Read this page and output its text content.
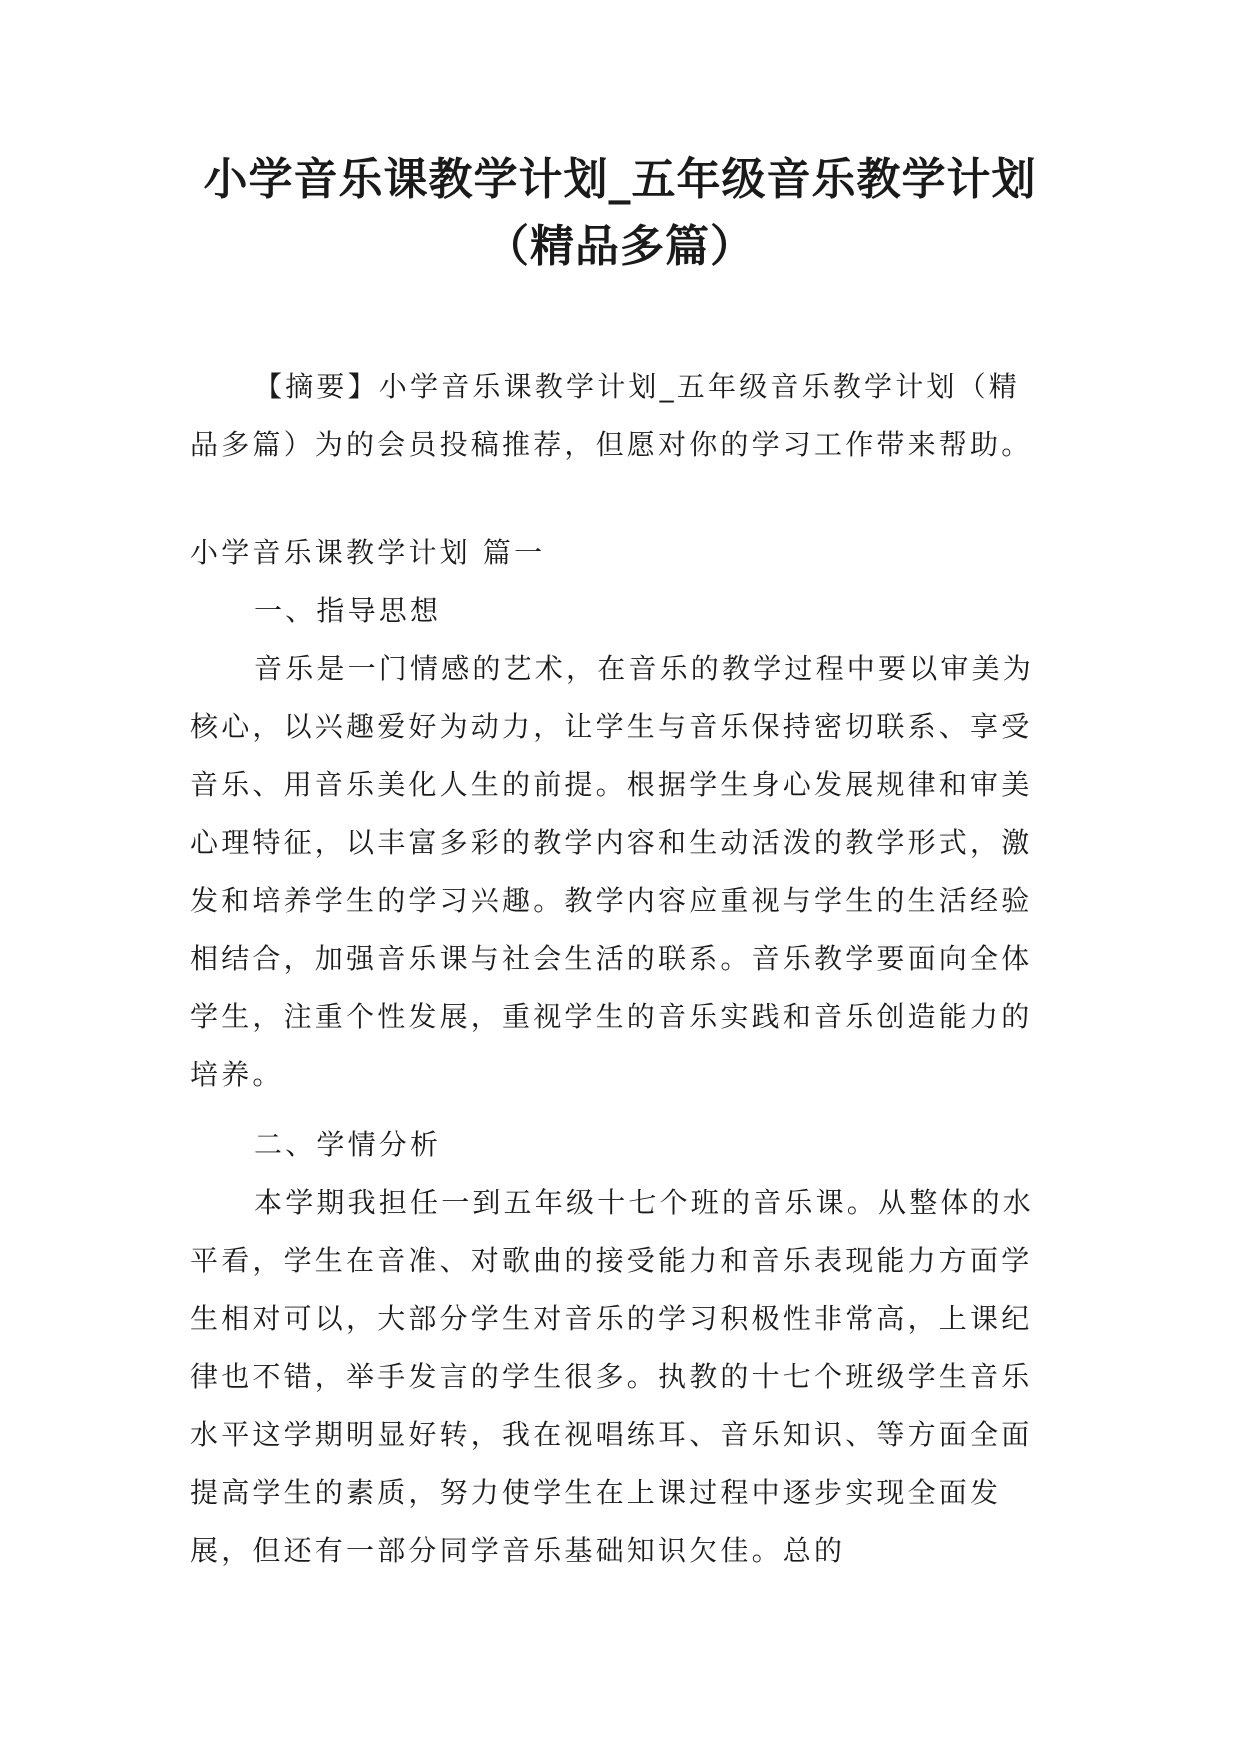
小学音乐课教学计划_五年级音乐教学计划
（精品多篇）

【摘要】小学音乐课教学计划_五年级音乐教学计划（精品多篇）为的会员投稿推荐，但愿对你的学习工作带来帮助。

小学音乐课教学计划 篇一

一、指导思想

音乐是一门情感的艺术，在音乐的教学过程中要以审美为核心，以兴趣爱好为动力，让学生与音乐保持密切联系、享受音乐、用音乐美化人生的前提。根据学生身心发展规律和审美心理特征，以丰富多彩的教学内容和生动活泼的教学形式，激发和培养学生的学习兴趣。教学内容应重视与学生的生活经验相结合，加强音乐课与社会生活的联系。音乐教学要面向全体学生，注重个性发展，重视学生的音乐实践和音乐创造能力的培养。

二、学情分析

本学期我担任一到五年级十七个班的音乐课。从整体的水平看，学生在音准、对歌曲的接受能力和音乐表现能力方面学生相对可以，大部分学生对音乐的学习积极性非常高，上课纪律也不错，举手发言的学生很多。执教的十七个班级学生音乐水平这学期明显好转，我在视唱练耳、音乐知识、等方面全面提高学生的素质，努力使学生在上课过程中逐步实现全面发展，但还有一部分同学音乐基础知识欠佳。总的
